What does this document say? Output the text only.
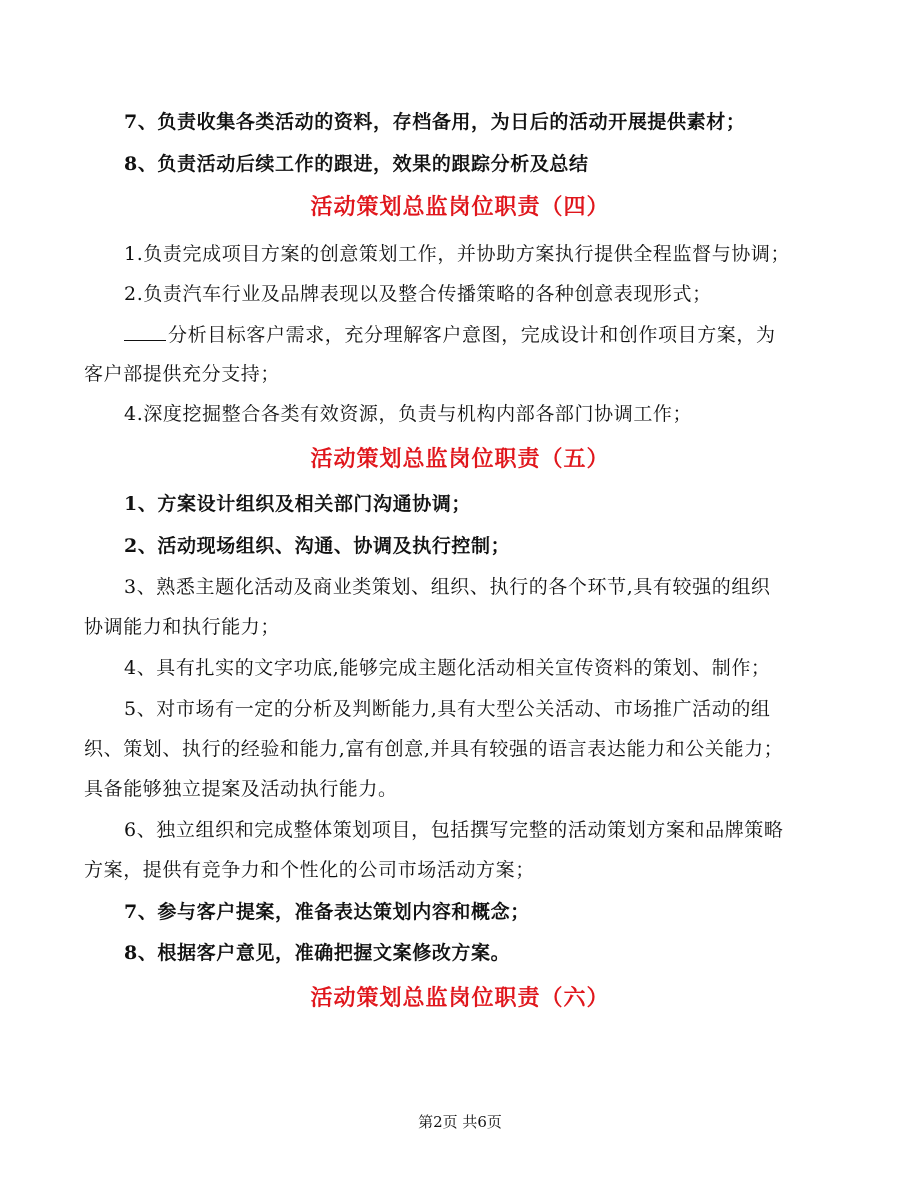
7、负责收集各类活动的资料，存档备用，为日后的活动开展提供素材；
8、负责活动后续工作的跟进，效果的跟踪分析及总结
活动策划总监岗位职责（四）
1.负责完成项目方案的创意策划工作，并协助方案执行提供全程监督与协调；
2.负责汽车行业及品牌表现以及整合传播策略的各种创意表现形式；
分析目标客户需求，充分理解客户意图，完成设计和创作项目方案，为
客户部提供充分支持；
4.深度挖掘整合各类有效资源，负责与机构内部各部门协调工作；
活动策划总监岗位职责（五）
1、方案设计组织及相关部门沟通协调；
2、活动现场组织、沟通、协调及执行控制；
3、熟悉主题化活动及商业类策划、组织、执行的各个环节,具有较强的组织
协调能力和执行能力；
4、具有扎实的文字功底,能够完成主题化活动相关宣传资料的策划、制作；
5、对市场有一定的分析及判断能力,具有大型公关活动、市场推广活动的组
织、策划、执行的经验和能力,富有创意,并具有较强的语言表达能力和公关能力；
具备能够独立提案及活动执行能力。
6、独立组织和完成整体策划项目，包括撰写完整的活动策划方案和品牌策略
方案，提供有竞争力和个性化的公司市场活动方案；
7、参与客户提案，准备表达策划内容和概念；
8、根据客户意见，准确把握文案修改方案。
活动策划总监岗位职责（六）
第2页 共6页
